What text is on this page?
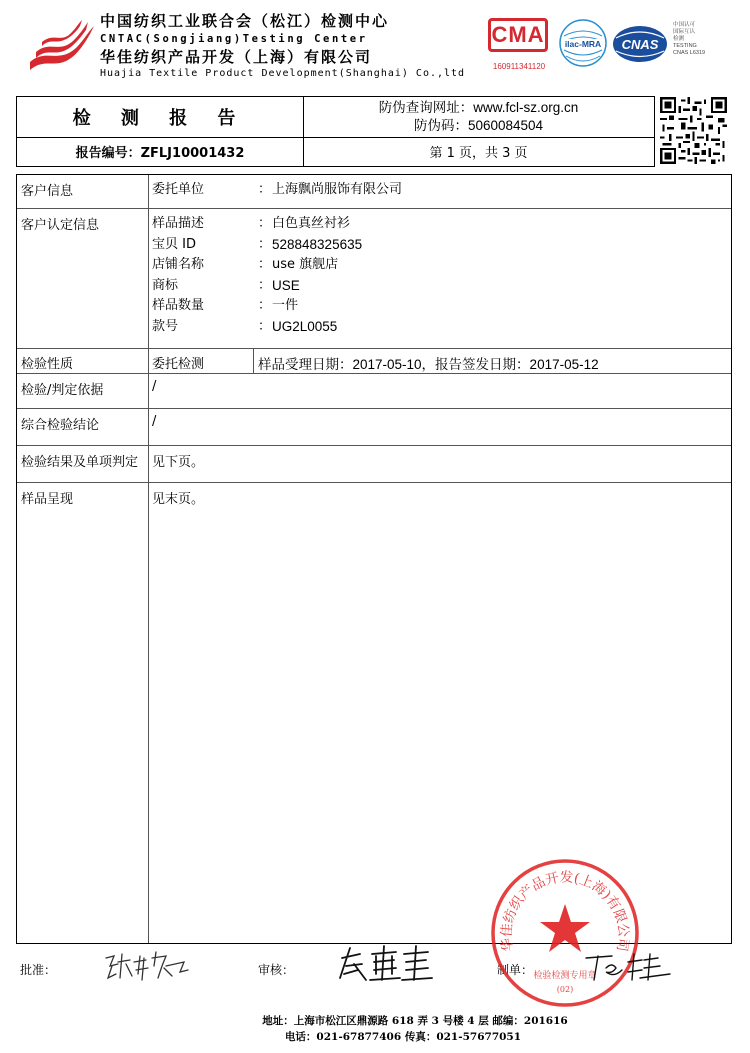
中国纺织工业联合会（松江）检测中心
CNTAC(Songjiang)Testing Center
华佳纺织产品开发（上海）有限公司
Huajia Textile Product Development(Shanghai) Co.,ltd
CMA
160911341120
ilac-MRA CNAS
中国认可
国际互认
检测
TESTING
CNAS L6319
检 测 报 告
防伪查询网址：www.fcl-sz.org.cn
防伪码：5060084504
报告编号：ZFLJ10001432	第 1 页，共 3 页
客户信息	委托单位	： 上海飘尚服饰有限公司
客户认定信息	样品描述	： 白色真丝衬衫
宝贝 ID	： 528848325635
店铺名称	： use 旗舰店
商标	： USE
样品数量	： 一件
款号	： UG2L0055
检验性质	委托检测	样品受理日期：2017-05-10，报告签发日期：2017-05-12
检验/判定依据	/
综合检验结论	/
检验结果及单项判定 见下页。
样品呈现	见末页。
批准：	审核：	制单：
华佳纺织产品开发(上海)有限公司
检验检测专用章
(02)
地址：上海市松江区鼎源路 618 弄 3 号楼 4 层 邮编：201616
电话：021-67877406 传真：021-57677051
